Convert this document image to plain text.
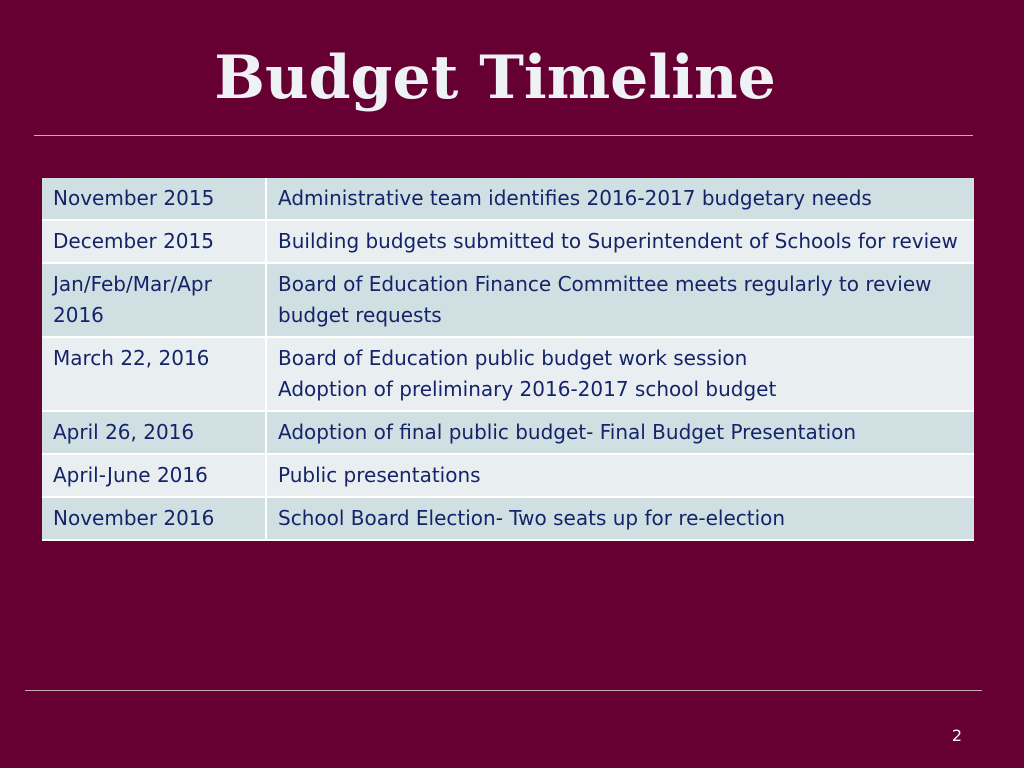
Budget Timeline
November 2015	Administrative team identifies 2016-2017 budgetary needs

December 2015	Building budgets submitted to Superintendent of Schools for review

Jan/Feb/Mar/Apr 2016	Board of Education Finance Committee meets regularly to review budget requests

March 22, 2016	Board of Education public budget work session
Adoption of preliminary 2016-2017 school budget

April 26, 2016	Adoption of final public budget- Final Budget Presentation

April-June 2016	Public presentations

November 2016	School Board Election- Two seats up for re-election
2
